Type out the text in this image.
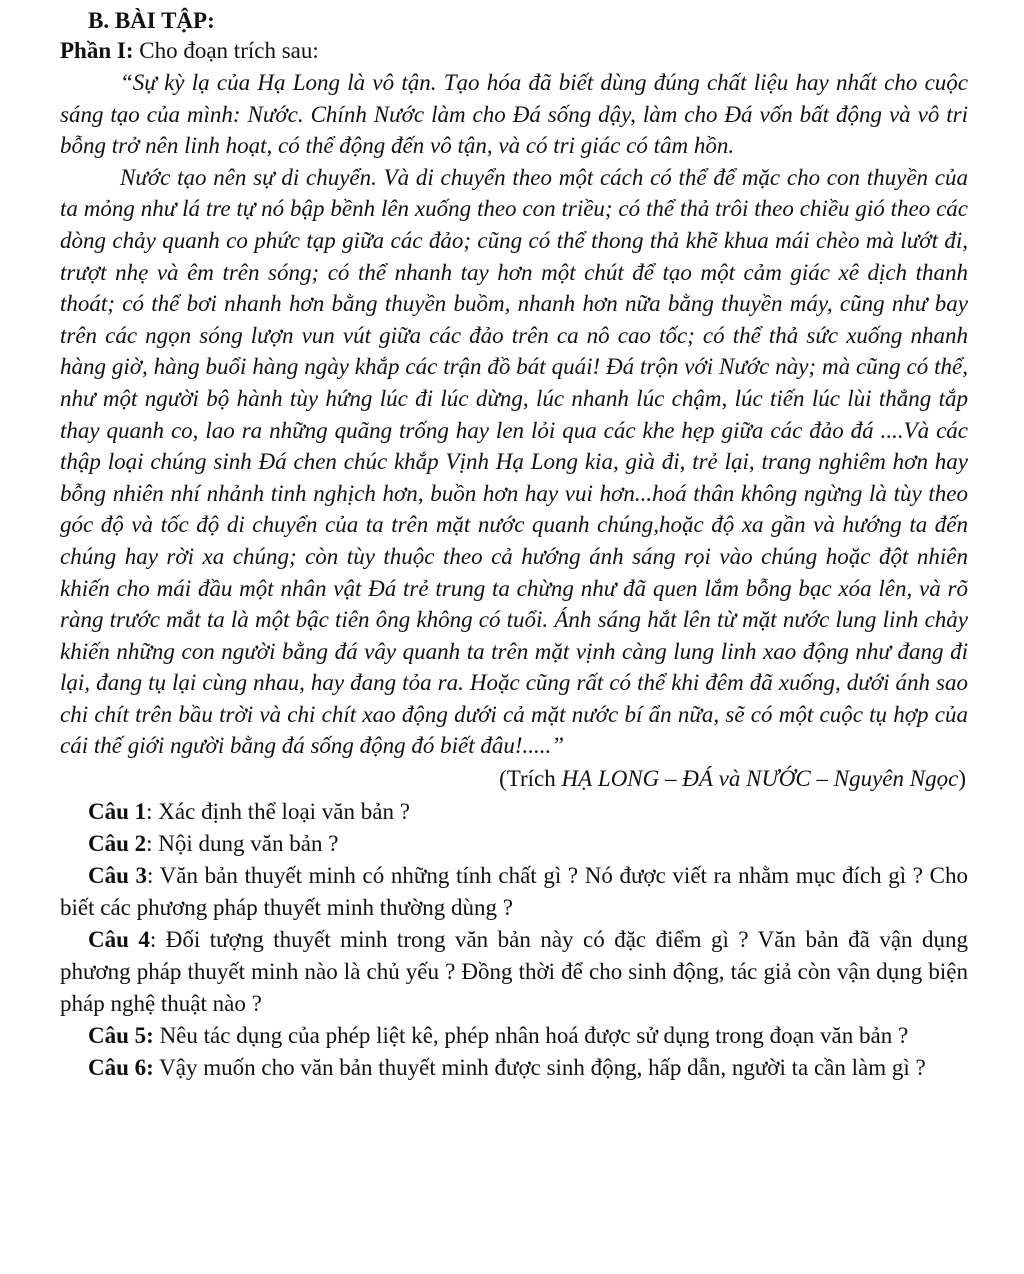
B. BÀI TẬP:

Phần I: Cho đoạn trích sau:

“Sự kỳ lạ của Hạ Long là vô tận. Tạo hóa đã biết dùng đúng chất liệu hay nhất cho cuộc sáng tạo của mình: Nước. Chính Nước làm cho Đá sống dậy, làm cho Đá vốn bất động và vô tri bỗng trở nên linh hoạt, có thể động đến vô tận, và có tri giác có tâm hồn.

Nước tạo nên sự di chuyển. Và di chuyển theo một cách có thể để mặc cho con thuyền của ta mỏng như lá tre tự nó bập bềnh lên xuống theo con triều; có thể thả trôi theo chiều gió theo các dòng chảy quanh co phức tạp giữa các đảo; cũng có thể thong thả khẽ khua mái chèo mà lướt đi, trượt nhẹ và êm trên sóng; có thể nhanh tay hơn một chút để tạo một cảm giác xê dịch thanh thoát; có thể bơi nhanh hơn bằng thuyền buồm, nhanh hơn nữa bằng thuyền máy, cũng như bay trên các ngọn sóng lượn vun vút giữa các đảo trên ca nô cao tốc; có thể thả sức xuống nhanh hàng giờ, hàng buổi hàng ngày khắp các trận đồ bát quái! Đá trộn với Nước này; mà cũng có thể, như một người bộ hành tùy hứng lúc đi lúc dừng, lúc nhanh lúc chậm, lúc tiến lúc lùi thẳng tắp thay quanh co, lao ra những quãng trống hay len lỏi qua các khe hẹp giữa các đảo đá ....Và các thập loại chúng sinh Đá chen chúc khắp Vịnh Hạ Long kia, già đi, trẻ lại, trang nghiêm hơn hay bỗng nhiên nhí nhảnh tinh nghịch hơn, buồn hơn hay vui hơn...hoá thân không ngừng là tùy theo góc độ và tốc độ di chuyển của ta trên mặt nước quanh chúng,hoặc độ xa gần và hướng ta đến chúng hay rời xa chúng; còn tùy thuộc theo cả hướng ánh sáng rọi vào chúng hoặc đột nhiên khiến cho mái đầu một nhân vật Đá trẻ trung ta chừng như đã quen lắm bỗng bạc xóa lên, và rõ ràng trước mắt ta là một bậc tiên ông không có tuổi. Ánh sáng hắt lên từ mặt nước lung linh chảy khiến những con người bằng đá vây quanh ta trên mặt vịnh càng lung linh xao động như đang đi lại, đang tụ lại cùng nhau, hay đang tỏa ra. Hoặc cũng rất có thể khi đêm đã xuống, dưới ánh sao chi chít trên bầu trời và chi chít xao động dưới cả mặt nước bí ẩn nữa, sẽ có một cuộc tụ hợp của cái thế giới người bằng đá sống động đó biết đâu!.....”

(Trích HẠ LONG – ĐÁ và NƯỚC – Nguyên Ngọc)

Câu 1: Xác định thể loại văn bản ?

Câu 2: Nội dung văn bản ?

Câu 3: Văn bản thuyết minh có những tính chất gì ? Nó được viết ra nhằm mục đích gì ? Cho biết các phương pháp thuyết minh thường dùng ?

Câu 4: Đối tượng thuyết minh trong văn bản này có đặc điểm gì ? Văn bản đã vận dụng phương pháp thuyết minh nào là chủ yếu ? Đồng thời để cho sinh động, tác giả còn vận dụng biện pháp nghệ thuật nào ?

Câu 5: Nêu tác dụng của phép liệt kê, phép nhân hoá được sử dụng trong đoạn văn bản ?

Câu 6: Vậy muốn cho văn bản thuyết minh được sinh động, hấp dẫn, người ta cần làm gì ?
